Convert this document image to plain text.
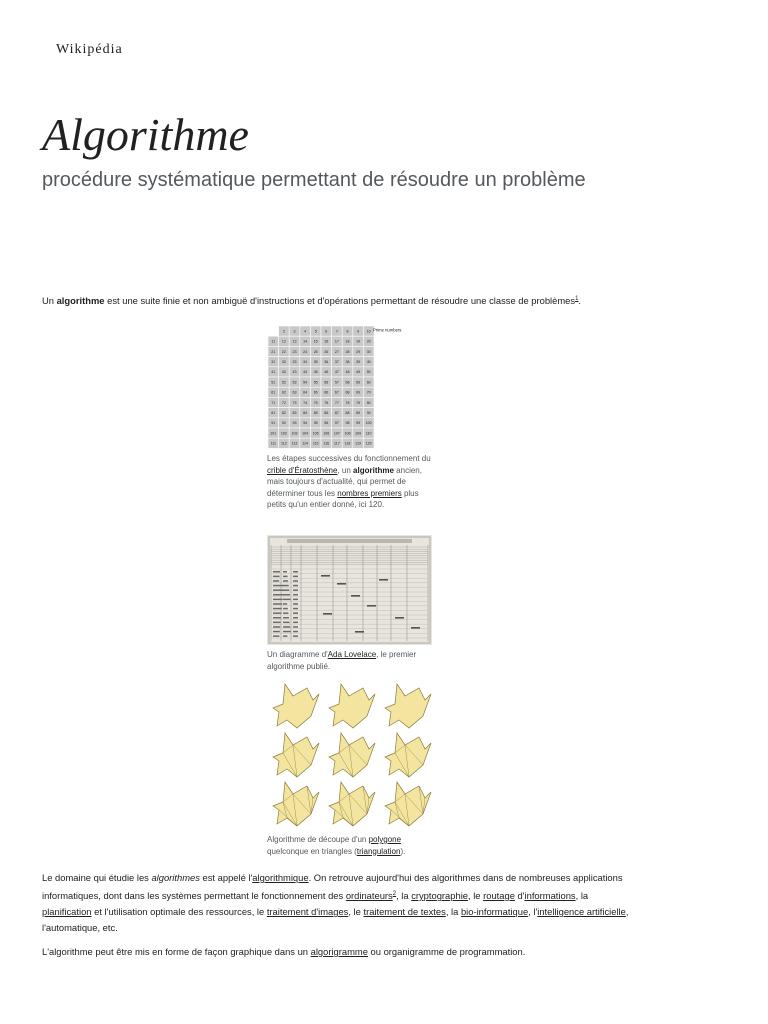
Wikipédia
Algorithme

procédure systématique permettant de résoudre un problème

Un algorithme est une suite finie et non ambiguë d'instructions et d'opérations permettant de résoudre une classe de problèmes$^1$.

2 3 4 5 6 7 8 9 10
11 12 13 14 15 16 17 18 19 20
21 22 23 24 25 26 27 28 29 30
31 32 33 34 35 36 37 38 39 40
41 42 43 44 45 46 47 48 49 50
51 52 53 54 55 56 57 58 59 60
61 62 63 64 65 66 67 68 69 70
71 72 73 74 75 76 77 78 79 80
81 82 83 84 85 86 87 88 89 90
91 92 93 94 95 96 97 98 99 100
101 102 103 104 105 106 107 108 109 110
111 112 113 114 115 116 117 118 119 120
Prime numbers
Les étapes successives du fonctionnement du crible d'Ératosthène, un algorithme ancien, mais toujours d'actualité, qui permet de déterminer tous les nombres premiers plus petits qu'un entier donné, ici 120.
Un diagramme d'Ada Lovelace, le premier algorithme publié.
Algorithme de découpe d'un polygone quelconque en triangles (triangulation).

Le domaine qui étudie les algorithmes est appelé l'algorithmique. On retrouve aujourd'hui des algorithmes dans de nombreuses applications informatiques, dont dans les systèmes permettant le fonctionnement des ordinateurs$^2$, la cryptographie, le routage d'informations, la planification et l'utilisation optimale des ressources, le traitement d'images, le traitement de textes, la bio-informatique, l'intelligence artificielle, l'automatique, etc.

L'algorithme peut être mis en forme de façon graphique dans un algorigramme ou organigramme de programmation.
